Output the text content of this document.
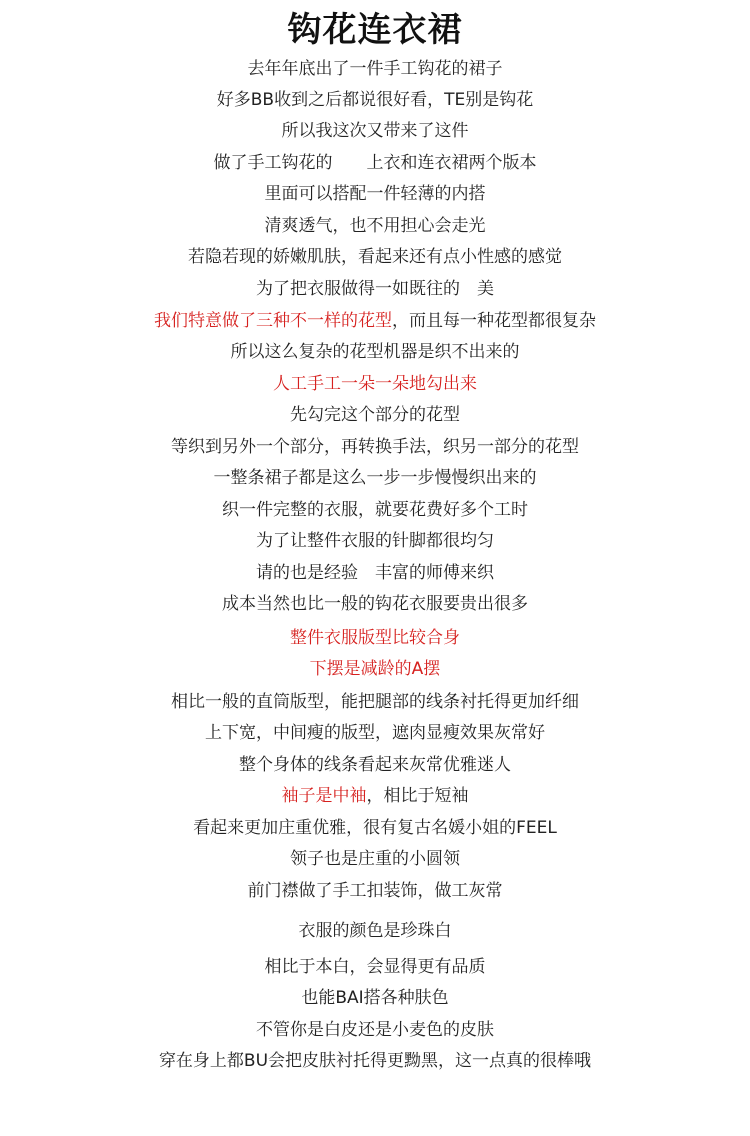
钩花连衣裙
去年年底出了一件手工钩花的裙子
好多BB收到之后都说很好看，TE别是钩花
所以我这次又带来了这件
做了手工钩花的　　上衣和连衣裙两个版本
里面可以搭配一件轻薄的内搭
清爽透气，也不用担心会走光
若隐若现的娇嫩肌肤，看起来还有点小性感的感觉
为了把衣服做得一如既往的　美
我们特意做了三种不一样的花型，而且每一种花型都很复杂
所以这么复杂的花型机器是织不出来的
人工手工一朵一朵地勾出来
先勾完这个部分的花型
等织到另外一个部分，再转换手法，织另一部分的花型
一整条裙子都是这么一步一步慢慢织出来的
织一件完整的衣服，就要花费好多个工时
为了让整件衣服的针脚都很均匀
请的也是经验　丰富的师傅来织
成本当然也比一般的钩花衣服要贵出很多
整件衣服版型比较合身
下摆是减龄的A摆
相比一般的直筒版型，能把腿部的线条衬托得更加纤细
上下宽，中间瘦的版型，遮肉显瘦效果灰常好
整个身体的线条看起来灰常优雅迷人
袖子是中袖，相比于短袖
看起来更加庄重优雅，很有复古名媛小姐的FEEL
领子也是庄重的小圆领
前门襟做了手工扣装饰，做工灰常
衣服的颜色是珍珠白
相比于本白，会显得更有品质
也能BAI搭各种肤色
不管你是白皮还是小麦色的皮肤
穿在身上都BU会把皮肤衬托得更黝黑，这一点真的很棒哦
